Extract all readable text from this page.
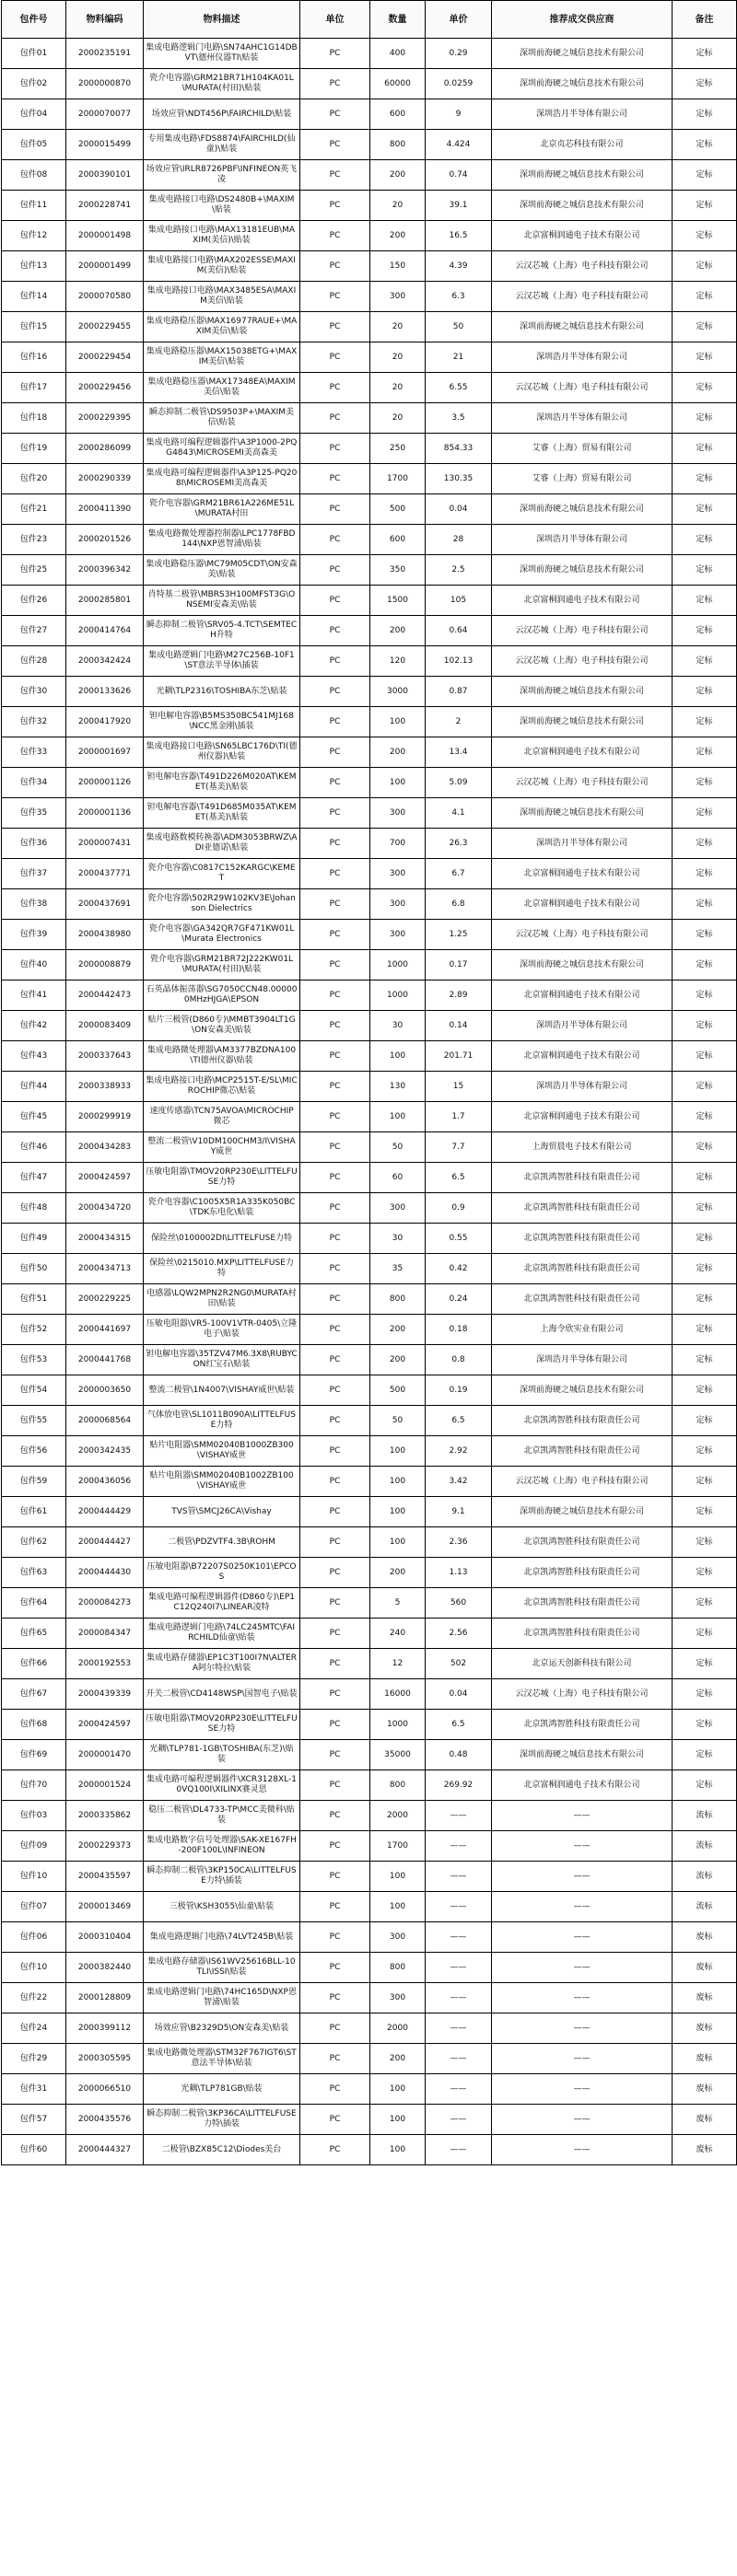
包件号	物料编码	物料描述	单位	数量	单价	推荐成交供应商	备注
包件01	2000235191	集成电路逻辑门电路\SN74AHC1G14DBVT\德州仪器TI\贴装	PC	400	0.29	深圳前海硬之城信息技术有限公司	定标
包件02	2000000870	瓷介电容器\GRM21BR71H104KA01L\MURATA(村田)\贴装	PC	60000	0.0259	深圳前海硬之城信息技术有限公司	定标
包件04	2000070077	场效应管\NDT456P\FAIRCHILD\贴装	PC	600	9	深圳浩月半导体有限公司	定标
包件05	2000015499	专用集成电路\FDS8874\FAIRCHILD(仙童)\贴装	PC	800	4.424	北京贞芯科技有限公司	定标
包件08	2000390101	场效应管\IRLR8726PBF\INFINEON英飞凌	PC	200	0.74	深圳前海硬之城信息技术有限公司	定标
包件11	2000228741	集成电路接口电路\DS2480B+\MAXIM\贴装	PC	20	39.1	深圳前海硬之城信息技术有限公司	定标
包件12	2000001498	集成电路接口电路\MAX13181EUB\MAXIM(美信)\贴装	PC	200	16.5	北京富桐润通电子技术有限公司	定标
包件13	2000001499	集成电路接口电路\MAX202ESSE\MAXIM(美信)\贴装	PC	150	4.39	云汉芯城（上海）电子科技有限公司	定标
包件14	2000070580	集成电路接口电路\MAX3485ESA\MAXIM美信\贴装	PC	300	6.3	云汉芯城（上海）电子科技有限公司	定标
包件15	2000229455	集成电路稳压器\MAX16977RAUE+\MAXIM美信\贴装	PC	20	50	深圳前海硬之城信息技术有限公司	定标
包件16	2000229454	集成电路稳压器\MAX15038ETG+\MAXIM美信\贴装	PC	20	21	深圳浩月半导体有限公司	定标
包件17	2000229456	集成电路稳压器\MAX17348EA\MAXIM美信\贴装	PC	20	6.55	云汉芯城（上海）电子科技有限公司	定标
包件18	2000229395	瞬态抑制二极管\DS9503P+\MAXIM美信\贴装	PC	20	3.5	深圳浩月半导体有限公司	定标
包件19	2000286099	集成电路可编程逻辑器件\A3P1000-2PQG4843\MICROSEMI美高森美	PC	250	854.33	艾睿（上海）贸易有限公司	定标
包件20	2000290339	集成电路可编程逻辑器件\A3P125-PQ208I\MICROSEMI美高森美	PC	1700	130.35	艾睿（上海）贸易有限公司	定标
包件21	2000411390	瓷介电容器\GRM21BR61A226ME51L\MURATA村田	PC	500	0.04	深圳前海硬之城信息技术有限公司	定标
包件23	2000201526	集成电路微处理器控制器\LPC1778FBD144\NXP恩智浦\贴装	PC	600	28	深圳浩月半导体有限公司	定标
包件25	2000396342	集成电路稳压器\MC79M05CDT\ON安森美\贴装	PC	350	2.5	深圳前海硬之城信息技术有限公司	定标
包件26	2000285801	肖特基二极管\MBRS3H100MFST3G\ONSEMI安森美\贴装	PC	1500	105	北京富桐润通电子技术有限公司	定标
包件27	2000414764	瞬态抑制二极管\SRV05-4.TCT\SEMTECH升特	PC	200	0.64	云汉芯城（上海）电子科技有限公司	定标
包件28	2000342424	集成电路逻辑门电路\M27C256B-10F1\ST意法半导体\插装	PC	120	102.13	云汉芯城（上海）电子科技有限公司	定标
包件30	2000133626	光耦\TLP2316\TOSHIBA东芝\贴装	PC	3000	0.87	深圳前海硬之城信息技术有限公司	定标
包件32	2000417920	钽电解电容器\B5MS350BC541MJ168\NCC黑金刚\插装	PC	100	2	深圳前海硬之城信息技术有限公司	定标
包件33	2000001697	集成电路接口电路\SN65LBC176D\TI(德州仪器)\贴装	PC	200	13.4	北京富桐润通电子技术有限公司	定标
包件34	2000001126	钽电解电容器\T491D226M020AT\KEMET(基美)\贴装	PC	100	5.09	云汉芯城（上海）电子科技有限公司	定标
包件35	2000001136	钽电解电容器\T491D685M035AT\KEMET(基美)\贴装	PC	300	4.1	深圳前海硬之城信息技术有限公司	定标
包件36	2000007431	集成电路数模转换器\ADM3053BRWZ\ADI亚德诺\贴装	PC	700	26.3	深圳浩月半导体有限公司	定标
包件37	2000437771	瓷介电容器\C0817C152KARGC\KEMET	PC	300	6.7	北京富桐润通电子技术有限公司	定标
包件38	2000437691	瓷介电容器\502R29W102KV3E\Johanson Dielectrics	PC	300	6.8	北京富桐润通电子技术有限公司	定标
包件39	2000438980	瓷介电容器\GA342QR7GF471KW01L\Murata Electronics	PC	300	1.25	云汉芯城（上海）电子科技有限公司	定标
包件40	2000008879	瓷介电容器\GRM21BR72J222KW01L\MURATA(村田)\贴装	PC	1000	0.17	深圳前海硬之城信息技术有限公司	定标
包件41	2000442473	石英晶体振荡器\SG7050CCN48.000000MHzHJGA\EPSON	PC	1000	2.89	北京富桐润通电子技术有限公司	定标
包件42	2000083409	贴片三极管(D860专)\MMBT3904LT1G\ON安森美\贴装	PC	30	0.14	深圳浩月半导体有限公司	定标
包件43	2000337643	集成电路微处理器\AM3377BZDNA100\TI德州仪器\贴装	PC	100	201.71	北京富桐润通电子技术有限公司	定标
包件44	2000338933	集成电路接口电路\MCP2515T-E/SL\MICROCHIP微芯\贴装	PC	130	15	深圳浩月半导体有限公司	定标
包件45	2000299919	速度传感器\TCN75AVOA\MICROCHIP微芯	PC	100	1.7	北京富桐润通电子技术有限公司	定标
包件46	2000434283	整流二极管\V10DM100CHM3/I\VISHAY威世	PC	50	7.7	上海贸晨电子技术有限公司	定标
包件47	2000424597	压敏电阻器\TMOV20RP230E\LITTELFUSE力特	PC	60	6.5	北京凯鸿智胜科技有限责任公司	定标
包件48	2000434720	瓷介电容器\C1005X5R1A335K050BC\TDK东电化\贴装	PC	300	0.9	北京凯鸿智胜科技有限责任公司	定标
包件49	2000434315	保险丝\0100002DI\LITTELFUSE力特	PC	30	0.55	北京凯鸿智胜科技有限责任公司	定标
包件50	2000434713	保险丝\0215010.MXP\LITTELFUSE力特	PC	35	0.42	北京凯鸿智胜科技有限责任公司	定标
包件51	2000229225	电感器\LQW2MPN2R2NG0\MURATA村田\贴装	PC	800	0.24	北京凯鸿智胜科技有限责任公司	定标
包件52	2000441697	压敏电阻器\VR5-100V1VTR-0405\立隆电子\贴装	PC	200	0.18	上海令欣实业有限公司	定标
包件53	2000441768	钽电解电容器\35TZV47M6.3X8\RUBYCON红宝石\贴装	PC	200	0.8	深圳浩月半导体有限公司	定标
包件54	2000003650	整流二极管\1N4007\VISHAY威世\贴装	PC	500	0.19	深圳前海硬之城信息技术有限公司	定标
包件55	2000068564	气体放电管\SL1011B090A\LITTELFUSE力特	PC	50	6.5	北京凯鸿智胜科技有限责任公司	定标
包件56	2000342435	贴片电阻器\SMM02040B1000ZB300\VISHAY威世	PC	100	2.92	北京凯鸿智胜科技有限责任公司	定标
包件59	2000436056	贴片电阻器\SMM02040B1002ZB100\VISHAY威世	PC	100	3.42	云汉芯城（上海）电子科技有限公司	定标
包件61	2000444429	TVS管\SMCJ26CA\Vishay	PC	100	9.1	深圳前海硬之城信息技术有限公司	定标
包件62	2000444427	二极管\PDZVTF4.3B\ROHM	PC	100	2.36	北京凯鸿智胜科技有限责任公司	定标
包件63	2000444430	压敏电阻器\B72207S0250K101\EPCOS	PC	200	1.13	北京凯鸿智胜科技有限责任公司	定标
包件64	2000084273	集成电路可编程逻辑器件(D860专)\EP1C12Q240I7\LINEAR凌特	PC	5	560	北京凯鸿智胜科技有限责任公司	定标
包件65	2000084347	集成电路逻辑门电路\74LC245MTC\FAIRCHILD仙童\贴装	PC	240	2.56	北京凯鸿智胜科技有限责任公司	定标
包件66	2000192553	集成电路存储器\EP1C3T100I7N\ALTERA阿尔特拉\贴装	PC	12	502	北京运天创新科技有限公司	定标
包件67	2000439339	开关二极管\CD4148WSP\国智电子\贴装	PC	16000	0.04	云汉芯城（上海）电子科技有限公司	定标
包件68	2000424597	压敏电阻器\TMOV20RP230E\LITTELFUSE力特	PC	1000	6.5	北京凯鸿智胜科技有限责任公司	定标
包件69	2000001470	光耦\TLP781-1GB\TOSHIBA(东芝)\贴装	PC	35000	0.48	深圳前海硬之城信息技术有限公司	定标
包件70	2000001524	集成电路可编程逻辑器件\XCR3128XL-10VQ100I\XILINX赛灵思	PC	800	269.92	北京富桐润通电子技术有限公司	定标
包件03	2000335862	稳压二极管\DL4733-TP\MCC美微科\贴装	PC	2000	——	——	流标
包件09	2000229373	集成电路数字信号处理器\SAK-XE167FH-200F100L\INFINEON	PC	1700	——	——	流标
包件10	2000435597	瞬态抑制二极管\3KP150CA\LITTELFUSE力特\插装	PC	100	——	——	流标
包件07	2000013469	三极管\KSH3055\仙童\贴装	PC	100	——	——	流标
包件06	2000310404	集成电路逻辑门电路\74LVT245B\贴装	PC	300	——	——	废标
包件10	2000382440	集成电路存储器\IS61WV25616BLL-10TLI\ISSI\贴装	PC	800	——	——	废标
包件22	2000128809	集成电路逻辑门电路\74HC165D\NXP恩智浦\贴装	PC	300	——	——	废标
包件24	2000399112	场效应管\B2329D5\ON安森美\贴装	PC	2000	——	——	废标
包件29	2000305595	集成电路微处理器\STM32F767IGT6\ST意法半导体\贴装	PC	200	——	——	废标
包件31	2000066510	光耦\TLP781GB\贴装	PC	100	——	——	废标
包件57	2000435576	瞬态抑制二极管\3KP36CA\LITTELFUSE力特\插装	PC	100	——	——	废标
包件60	2000444327	二极管\BZX85C12\Diodes美台	PC	100	——	——	废标
